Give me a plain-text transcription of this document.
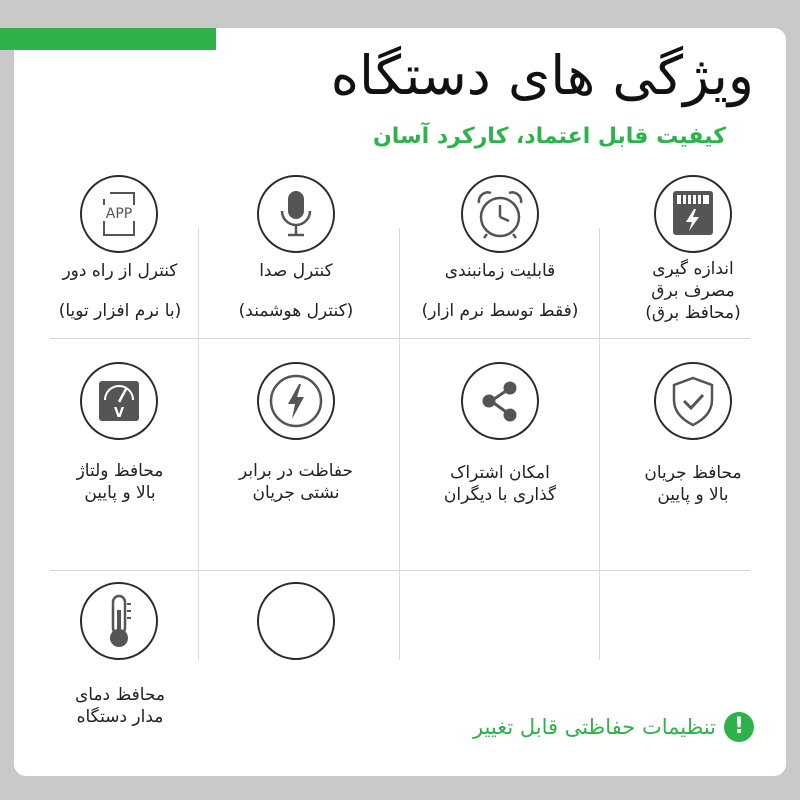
ویژگی های دستگاه
کیفیت قابل اعتماد، کارکرد آسان
اندازه گیری
مصرف برق
(محافظ برق)
قابلیت زمانبندی
(فقط توسط نرم ازار)
کنترل صدا
(کنترل هوشمند)
APP
کنترل از راه دور
(با نرم افزار تویا)
محافظ جریان
بالا و پایین
امکان اشتراک
گذاری با دیگران
حفاظت در برابر
نشتی جریان
V
محافظ ولتاژ
بالا و پایین
محافظ دمای
مدار دستگاه	!
تنظیمات حفاظتی قابل تغییر
